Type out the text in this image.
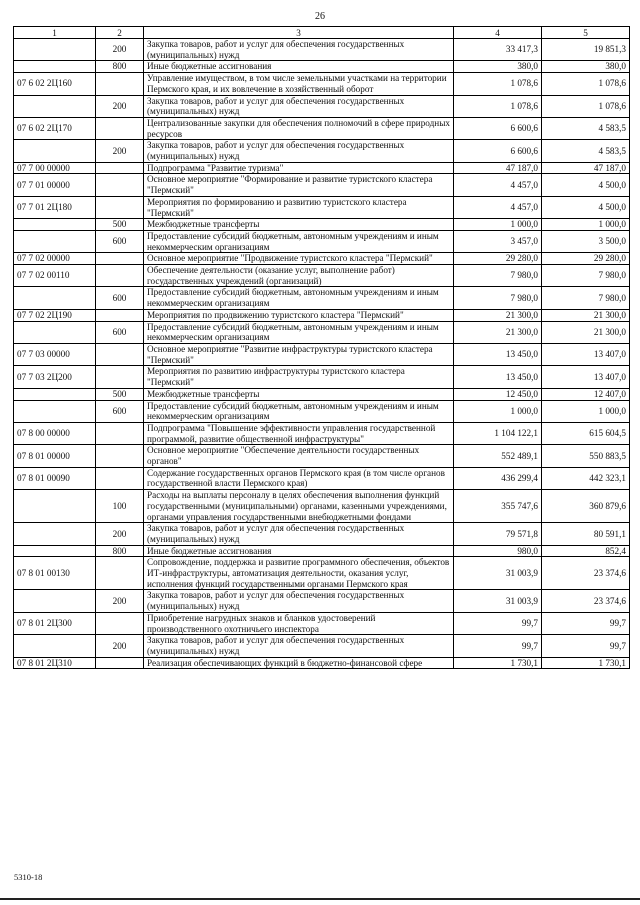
26
1	2	3	4	5
	200	Закупка товаров, работ и услуг для обеспечения государственных (муниципальных) нужд	33 417,3	19 851,3
	800	Иные бюджетные ассигнования	380,0	380,0
07 6 02 2Ц160		Управление имуществом, в том числе земельными участками на территории Пермского края, и их вовлечение в хозяйственный оборот	1 078,6	1 078,6
	200	Закупка товаров, работ и услуг для обеспечения государственных (муниципальных) нужд	1 078,6	1 078,6
07 6 02 2Ц170		Централизованные закупки для обеспечения полномочий в сфере природных ресурсов	6 600,6	4 583,5
	200	Закупка товаров, работ и услуг для обеспечения государственных (муниципальных) нужд	6 600,6	4 583,5
07 7 00 00000		Подпрограмма "Развитие туризма"	47 187,0	47 187,0
07 7 01 00000		Основное мероприятие "Формирование и развитие туристского кластера "Пермский"	4 457,0	4 500,0
07 7 01 2Ц180		Мероприятия по формированию и развитию туристского кластера "Пермский"	4 457,0	4 500,0
	500	Межбюджетные трансферты	1 000,0	1 000,0
	600	Предоставление субсидий бюджетным, автономным учреждениям и иным некоммерческим организациям	3 457,0	3 500,0
07 7 02 00000		Основное мероприятие "Продвижение туристского кластера "Пермский"	29 280,0	29 280,0
07 7 02 00110		Обеспечение деятельности (оказание услуг, выполнение работ) государственных учреждений (организаций)	7 980,0	7 980,0
	600	Предоставление субсидий бюджетным, автономным учреждениям и иным некоммерческим организациям	7 980,0	7 980,0
07 7 02 2Ц190		Мероприятия по продвижению туристского кластера "Пермский"	21 300,0	21 300,0
	600	Предоставление субсидий бюджетным, автономным учреждениям и иным некоммерческим организациям	21 300,0	21 300,0
07 7 03 00000		Основное мероприятие "Развитие инфраструктуры туристского кластера "Пермский"	13 450,0	13 407,0
07 7 03 2Ц200		Мероприятия по развитию инфраструктуры туристского кластера "Пермский"	13 450,0	13 407,0
	500	Межбюджетные трансферты	12 450,0	12 407,0
	600	Предоставление субсидий бюджетным, автономным учреждениям и иным некоммерческим организациям	1 000,0	1 000,0
07 8 00 00000		Подпрограмма "Повышение эффективности управления государственной программой, развитие общественной инфраструктуры"	1 104 122,1	615 604,5
07 8 01 00000		Основное мероприятие "Обеспечение деятельности государственных органов"	552 489,1	550 883,5
07 8 01 00090		Содержание государственных органов Пермского края (в том числе органов государственной власти Пермского края)	436 299,4	442 323,1
	100	Расходы на выплаты персоналу в целях обеспечения выполнения функций государственными (муниципальными) органами, казенными учреждениями, органами управления государственными внебюджетными фондами	355 747,6	360 879,6
	200	Закупка товаров, работ и услуг для обеспечения государственных (муниципальных) нужд	79 571,8	80 591,1
	800	Иные бюджетные ассигнования	980,0	852,4
07 8 01 00130		Сопровождение, поддержка и развитие программного обеспечения, объектов ИТ-инфраструктуры, автоматизация деятельности, оказания услуг, исполнения функций государственными органами Пермского края	31 003,9	23 374,6
	200	Закупка товаров, работ и услуг для обеспечения государственных (муниципальных) нужд	31 003,9	23 374,6
07 8 01 2Ц300		Приобретение нагрудных знаков и бланков удостоверений производственного охотничьего инспектора	99,7	99,7
	200	Закупка товаров, работ и услуг для обеспечения государственных (муниципальных) нужд	99,7	99,7
07 8 01 2Ц310		Реализация обеспечивающих функций в бюджетно-финансовой сфере	1 730,1	1 730,1
5310-18
